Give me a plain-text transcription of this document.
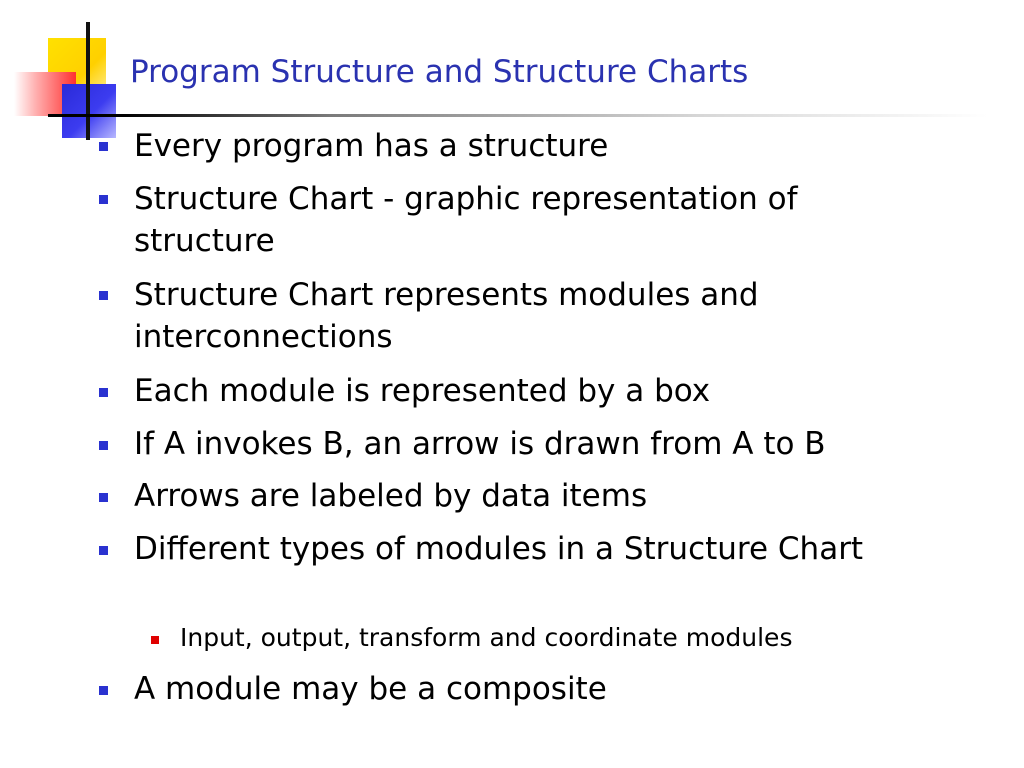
Program Structure and Structure Charts
Every program has a structure
Structure Chart - graphic representation of structure
Structure Chart represents modules and interconnections
Each module is represented by a box
If A invokes B, an arrow is drawn from A to B
Arrows are labeled by data items
Different types of modules in a Structure Chart
Input, output, transform and coordinate modules
A module may be a composite
